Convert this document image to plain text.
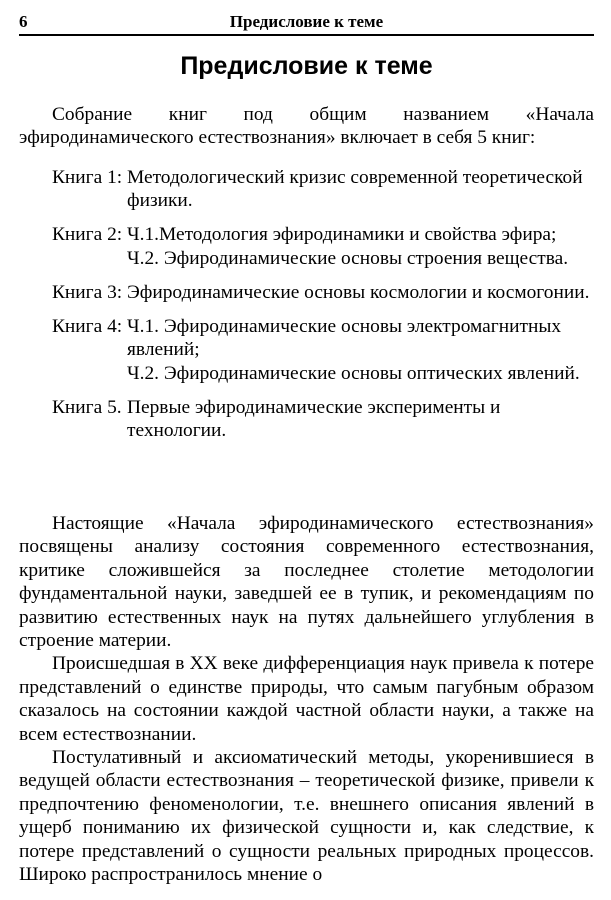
6	Предисловие к теме
Предисловие к теме

Собрание книг под общим названием «Начала эфиродинамического естествознания» включает в себя 5 книг:

Книга 1: Методологический кризис современной теоретической физики.
Книга 2: Ч.1.Методология эфиродинамики и свойства эфира;
Ч.2. Эфиродинамические основы строения вещества.
Книга 3: Эфиродинамические основы космологии и космогонии.
Книга 4: Ч.1. Эфиродинамические основы электромагнитных явлений;
Ч.2. Эфиродинамические основы оптических явлений.
Книга 5. Первые эфиродинамические эксперименты и технологии.

Настоящие «Начала эфиродинамического естествознания» посвящены анализу состояния современного естествознания, критике сложившейся за последнее столетие методологии фундаментальной науки, заведшей ее в тупик, и рекомендациям по развитию естественных наук на путях дальнейшего углубления в строение материи.

Происшедшая в XX веке дифференциация наук привела к потере представлений о единстве природы, что самым пагубным образом сказалось на состоянии каждой частной области науки, а также на всем естествознании.

Постулативный и аксиоматический методы, укоренившиеся в ведущей области естествознания – теоретической физике, привели к предпочтению феноменологии, т.е. внешнего описания явлений в ущерб пониманию их физической сущности и, как следствие, к потере представлений о сущности реальных природных процессов. Широко распространилось мнение о
